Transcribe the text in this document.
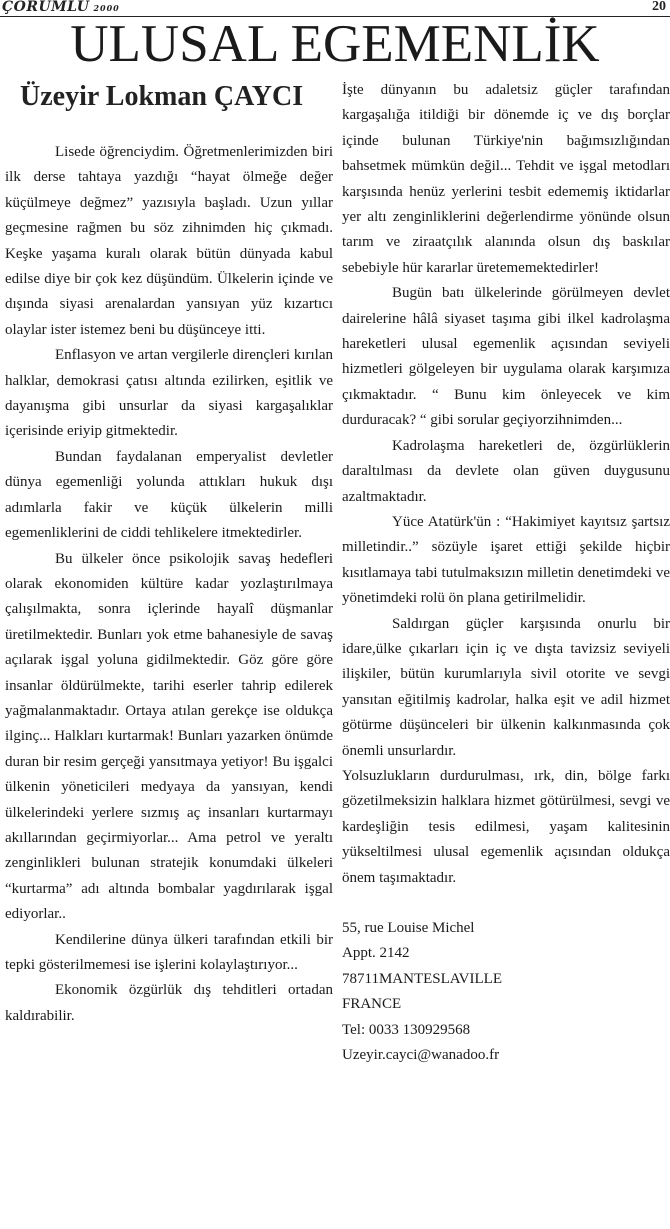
ÇORUMLU 2000	20
ULUSAL EGEMENLİK
Üzeyir Lokman ÇAYCI

Lisede öğrenciydim. Öğretmenlerimizden biri ilk derse tahtaya yazdığı “hayat ölmeğe değer küçülmeye değmez” yazısıyla başladı. Uzun yıllar geçmesine rağmen bu söz zihnimden hiç çıkmadı. Keşke yaşama kuralı olarak bütün dünyada kabul edilse diye bir çok kez düşündüm. Ülkelerin içinde ve dışında siyasi arenalardan yansıyan yüz kızartıcı olaylar ister istemez beni bu düşünceye itti.

Enflasyon ve artan vergilerle dirençleri kırılan halklar, demokrasi çatısı altında ezilirken, eşitlik ve dayanışma gibi unsurlar da siyasi kargaşalıklar içerisinde eriyip gitmektedir.

Bundan faydalanan emperyalist devletler dünya egemenliği yolunda attıkları hukuk dışı adımlarla fakir ve küçük ülkelerin milli egemenliklerini de ciddi tehlikelere itmektedirler.

Bu ülkeler önce psikolojik savaş hedefleri olarak ekonomiden kültüre kadar yozlaştırılmaya çalışılmakta, sonra içlerinde hayalî düşmanlar üretilmektedir. Bunları yok etme bahanesiyle de savaş açılarak işgal yoluna gidilmektedir. Göz göre göre insanlar öldürülmekte, tarihi eserler tahrip edilerek yağmalanmaktadır. Ortaya atılan gerekçe ise oldukça ilginç... Halkları kurtarmak! Bunları yazarken önümde duran bir resim gerçeği yansıtmaya yetiyor! Bu işgalci ülkenin yöneticileri medyaya da yansıyan, kendi ülkelerindeki yerlere sızmış aç insanları kurtarmayı akıllarından geçirmiyorlar... Ama petrol ve yeraltı zenginlikleri bulunan stratejik konumdaki ülkeleri “kurtarma” adı altında bombalar yagdırılarak işgal ediyorlar..

Kendilerine dünya ülkeri tarafından etkili bir tepki gösterilmemesi ise işlerini kolaylaştırıyor...

Ekonomik özgürlük dış tehditleri ortadan kaldırabilir.

İşte dünyanın bu adaletsiz güçler tarafından kargaşalığa itildiği bir dönemde iç ve dış borçlar içinde bulunan Türkiye'nin bağımsızlığından bahsetmek mümkün değil... Tehdit ve işgal metodları karşısında henüz yerlerini tesbit edememiş iktidarlar yer altı zenginliklerini değerlendirme yönünde olsun tarım ve ziraatçılık alanında olsun dış baskılar sebebiyle hür kararlar üretememektedirler!

Bugün batı ülkelerinde görülmeyen devlet dairelerine hâlâ siyaset taşıma gibi ilkel kadrolaşma hareketleri ulusal egemenlik açısından seviyeli hizmetleri gölgeleyen bir uygulama olarak karşımıza çıkmaktadır. “ Bunu kim önleyecek ve kim durduracak? “ gibi sorular geçiyorzihnimden...

Kadrolaşma hareketleri de, özgürlüklerin daraltılması da devlete olan güven duygusunu azaltmaktadır.

Yüce Atatürk'ün : “Hakimiyet kayıtsız şartsız milletindir..” sözüyle işaret ettiği şekilde hiçbir kısıtlamaya tabi tutulmaksızın milletin denetimdeki ve yönetimdeki rolü ön plana getirilmelidir.

Saldırgan güçler karşısında onurlu bir idare,ülke çıkarları için iç ve dışta tavizsiz seviyeli ilişkiler, bütün kurumlarıyla sivil otorite ve sevgi yansıtan eğitilmiş kadrolar, halka eşit ve adil hizmet götürme düşünceleri bir ülkenin kalkınmasında çok önemli unsurlardır.

Yolsuzlukların durdurulması, ırk, din, bölge farkı gözetilmeksizin halklara hizmet götürülmesi, sevgi ve kardeşliğin tesis edilmesi, yaşam kalitesinin yükseltilmesi ulusal egemenlik açısından oldukça önem taşımaktadır.

55, rue Louise Michel
Appt. 2142
78711MANTESLAVILLE
FRANCE
Tel: 0033 130929568
Uzeyir.cayci@wanadoo.fr
